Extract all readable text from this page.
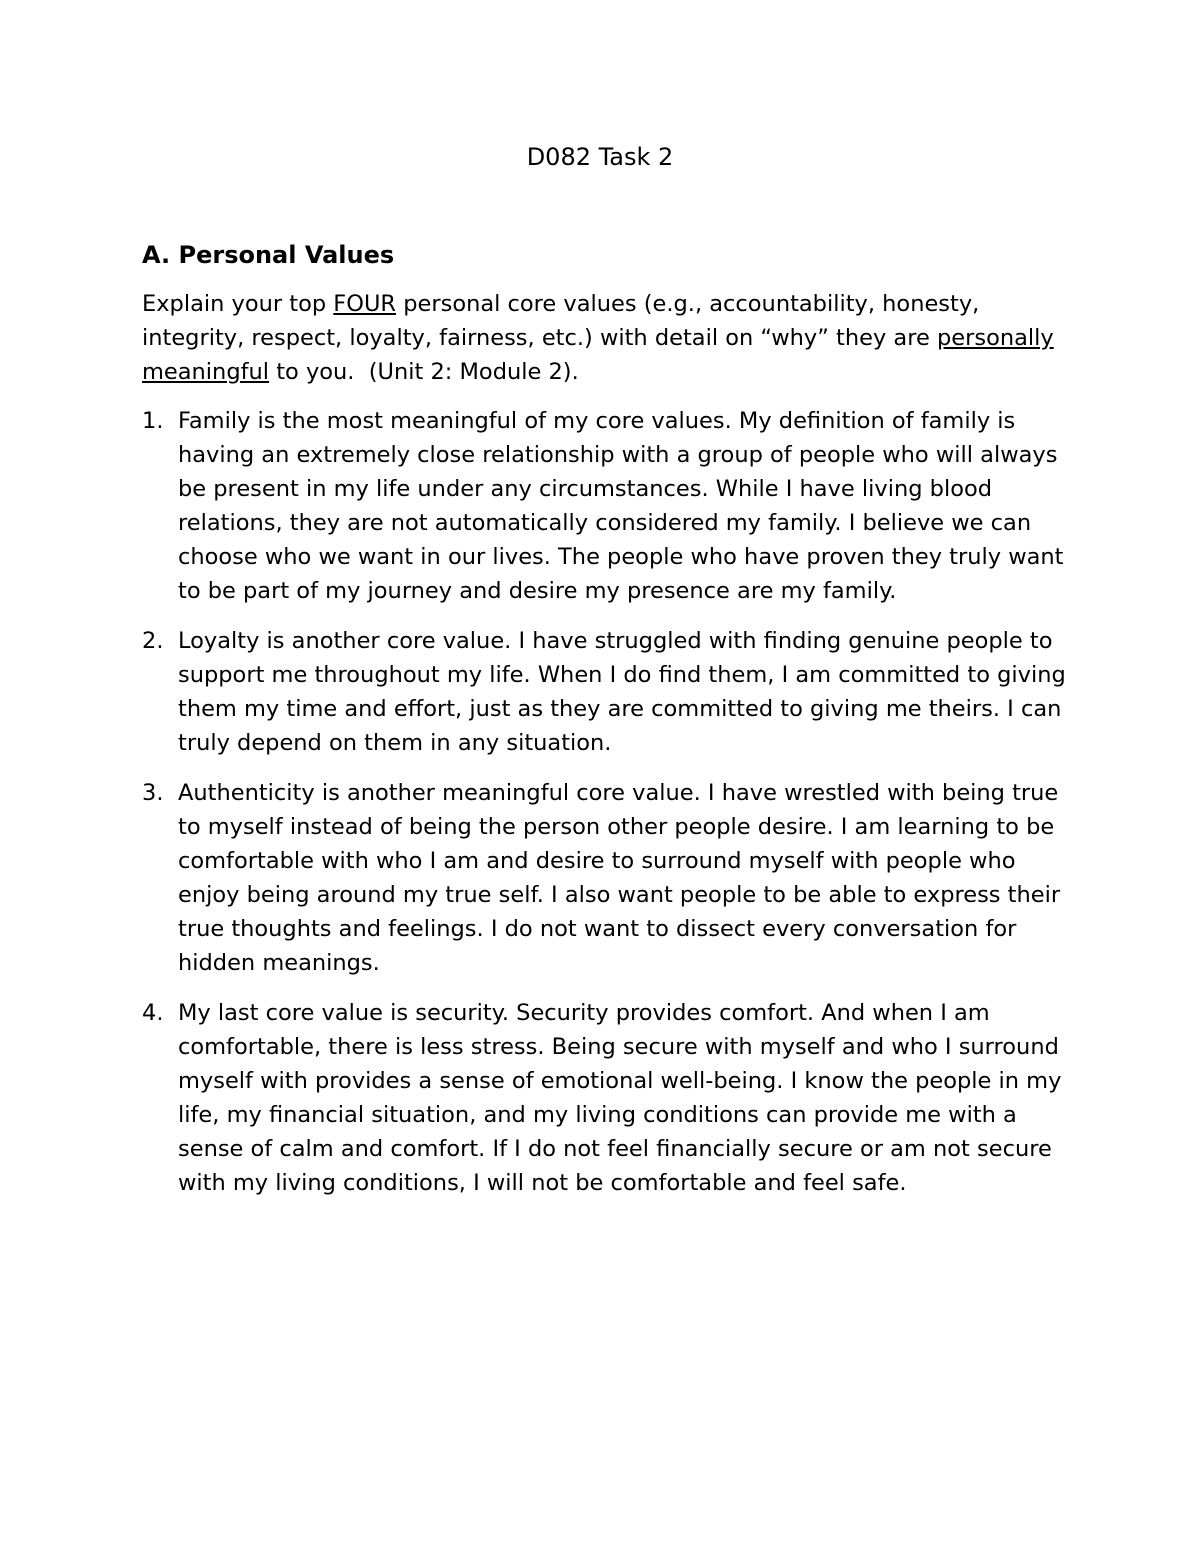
D082 Task 2
A. Personal Values

Explain your top FOUR personal core values (e.g., accountability, honesty, integrity, respect, loyalty, fairness, etc.) with detail on “why” they are personally meaningful to you.  (Unit 2: Module 2).

1. Family is the most meaningful of my core values. My definition of family is having an extremely close relationship with a group of people who will always be present in my life under any circumstances. While I have living blood relations, they are not automatically considered my family. I believe we can choose who we want in our lives. The people who have proven they truly want to be part of my journey and desire my presence are my family.
2. Loyalty is another core value. I have struggled with finding genuine people to support me throughout my life. When I do find them, I am committed to giving them my time and effort, just as they are committed to giving me theirs. I can truly depend on them in any situation.
3. Authenticity is another meaningful core value. I have wrestled with being true to myself instead of being the person other people desire. I am learning to be comfortable with who I am and desire to surround myself with people who enjoy being around my true self. I also want people to be able to express their true thoughts and feelings. I do not want to dissect every conversation for hidden meanings.
4. My last core value is security. Security provides comfort. And when I am comfortable, there is less stress. Being secure with myself and who I surround myself with provides a sense of emotional well-being. I know the people in my life, my financial situation, and my living conditions can provide me with a sense of calm and comfort. If I do not feel financially secure or am not secure with my living conditions, I will not be comfortable and feel safe.
